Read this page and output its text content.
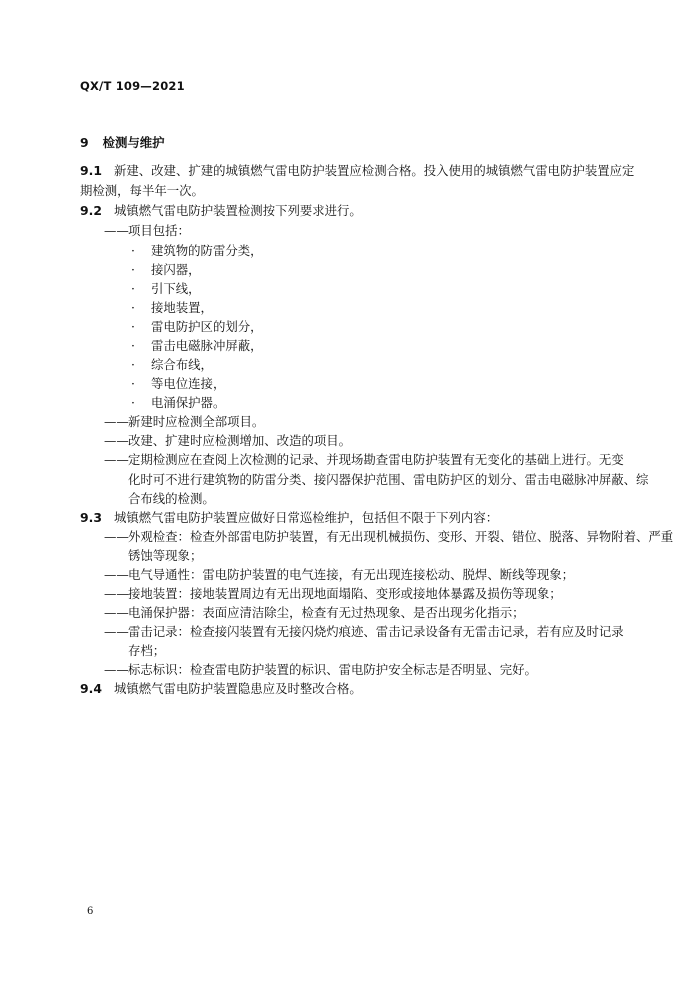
QX/T 109—2021
9 检测与维护
9.1 新建、改建、扩建的城镇燃气雷电防护装置应检测合格。投入使用的城镇燃气雷电防护装置应定
期检测，每半年一次。
9.2 城镇燃气雷电防护装置检测按下列要求进行。
——项目包括：
· 建筑物的防雷分类，
· 接闪器，
· 引下线，
· 接地装置，
· 雷电防护区的划分，
· 雷击电磁脉冲屏蔽，
· 综合布线，
· 等电位连接，
· 电涌保护器。
——新建时应检测全部项目。
——改建、扩建时应检测增加、改造的项目。
——定期检测应在查阅上次检测的记录、并现场勘查雷电防护装置有无变化的基础上进行。无变
化时可不进行建筑物的防雷分类、接闪器保护范围、雷电防护区的划分、雷击电磁脉冲屏蔽、综
合布线的检测。
9.3 城镇燃气雷电防护装置应做好日常巡检维护，包括但不限于下列内容：
——外观检查：检查外部雷电防护装置，有无出现机械损伤、变形、开裂、错位、脱落、异物附着、严重
锈蚀等现象；
——电气导通性：雷电防护装置的电气连接，有无出现连接松动、脱焊、断线等现象；
——接地装置：接地装置周边有无出现地面塌陷、变形或接地体暴露及损伤等现象；
——电涌保护器：表面应清洁除尘，检查有无过热现象、是否出现劣化指示；
——雷击记录：检查接闪装置有无接闪烧灼痕迹、雷击记录设备有无雷击记录，若有应及时记录
存档；
——标志标识：检查雷电防护装置的标识、雷电防护安全标志是否明显、完好。
9.4 城镇燃气雷电防护装置隐患应及时整改合格。
6
